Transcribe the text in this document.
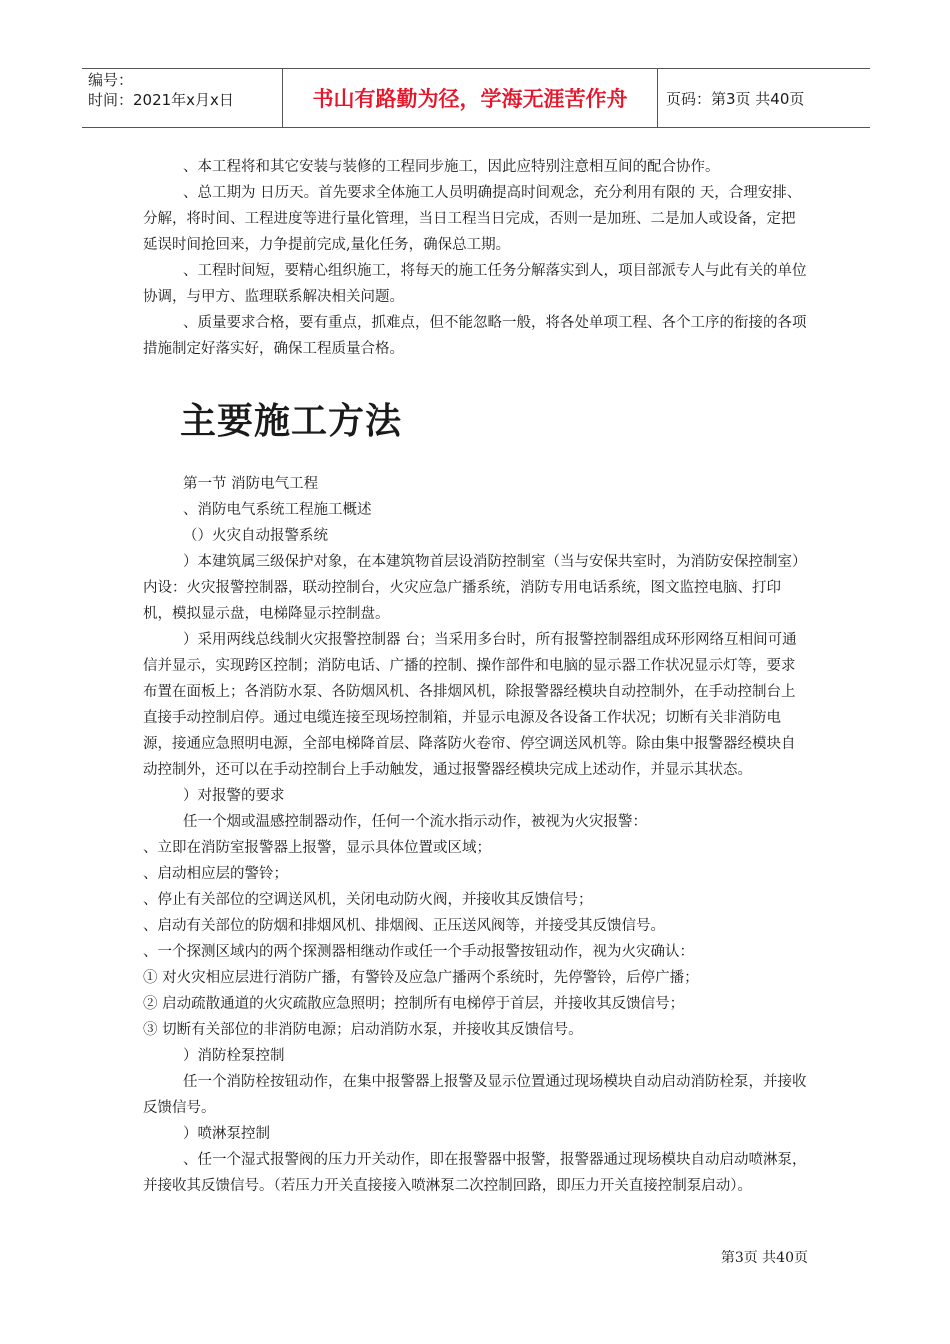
编号：
时间：2021年x月x日	书山有路勤为径，学海无涯苦作舟	页码：第3页 共40页

、本工程将和其它安装与装修的工程同步施工，因此应特别注意相互间的配合协作。

、总工期为 日历天。首先要求全体施工人员明确提高时间观念，充分利用有限的 天，合理安排、分解，将时间、工程进度等进行量化管理，当日工程当日完成，否则一是加班、二是加人或设备，定把延误时间抢回来，力争提前完成,量化任务，确保总工期。

、工程时间短，要精心组织施工，将每天的施工任务分解落实到人，项目部派专人与此有关的单位协调，与甲方、监理联系解决相关问题。

、质量要求合格，要有重点，抓难点，但不能忽略一般，将各处单项工程、各个工序的衔接的各项措施制定好落实好，确保工程质量合格。

主要施工方法

第一节 消防电气工程

、消防电气系统工程施工概述

（）火灾自动报警系统

）本建筑属三级保护对象，在本建筑物首层设消防控制室（当与安保共室时，为消防安保控制室）内设：火灾报警控制器，联动控制台，火灾应急广播系统，消防专用电话系统，图文监控电脑、打印机，模拟显示盘，电梯降显示控制盘。

）采用两线总线制火灾报警控制器 台；当采用多台时，所有报警控制器组成环形网络互相间可通信并显示，实现跨区控制；消防电话、广播的控制、操作部件和电脑的显示器工作状况显示灯等，要求布置在面板上；各消防水泵、各防烟风机、各排烟风机，除报警器经模块自动控制外，在手动控制台上直接手动控制启停。通过电缆连接至现场控制箱，并显示电源及各设备工作状况；切断有关非消防电源，接通应急照明电源，全部电梯降首层、降落防火卷帘、停空调送风机等。除由集中报警器经模块自动控制外，还可以在手动控制台上手动触发，通过报警器经模块完成上述动作，并显示其状态。

）对报警的要求

任一个烟或温感控制器动作，任何一个流水指示动作，被视为火灾报警：

、立即在消防室报警器上报警，显示具体位置或区域；

、启动相应层的警铃；

、停止有关部位的空调送风机，关闭电动防火阀，并接收其反馈信号；

、启动有关部位的防烟和排烟风机、排烟阀、正压送风阀等，并接受其反馈信号。

、一个探测区域内的两个探测器相继动作或任一个手动报警按钮动作，视为火灾确认：

① 对火灾相应层进行消防广播，有警铃及应急广播两个系统时，先停警铃，后停广播；

② 启动疏散通道的火灾疏散应急照明；控制所有电梯停于首层，并接收其反馈信号；

③ 切断有关部位的非消防电源；启动消防水泵，并接收其反馈信号。

）消防栓泵控制

任一个消防栓按钮动作，在集中报警器上报警及显示位置通过现场模块自动启动消防栓泵，并接收反馈信号。

）喷淋泵控制

、任一个湿式报警阀的压力开关动作，即在报警器中报警，报警器通过现场模块自动启动喷淋泵，并接收其反馈信号。（若压力开关直接接入喷淋泵二次控制回路，即压力开关直接控制泵启动）。

第3页 共40页
